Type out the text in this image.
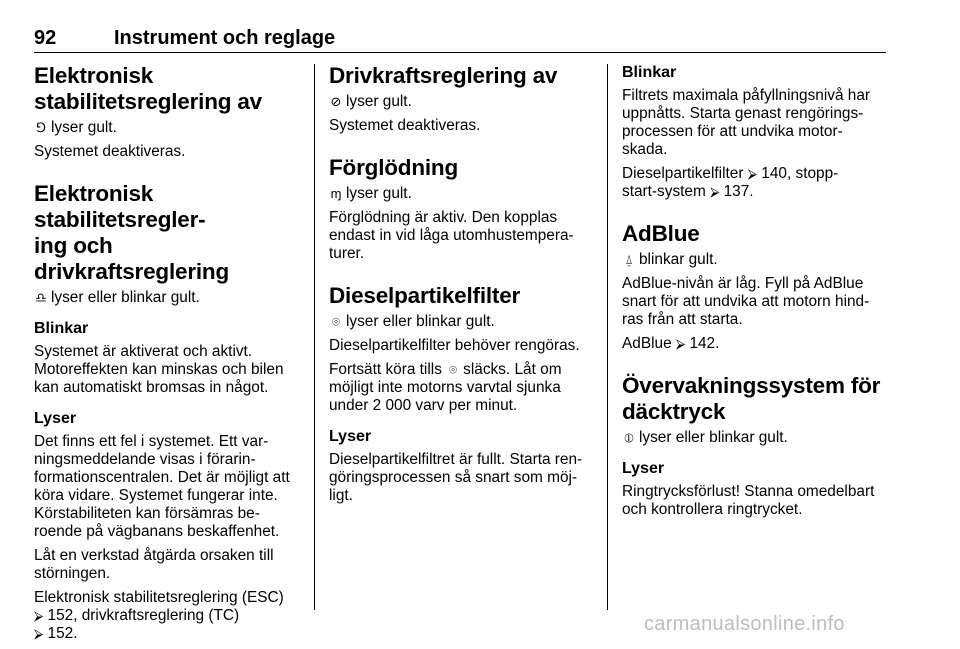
92	Instrument och reglage
Elektronisk
stabilitetsreglering av

⅁ lyser gult.

Systemet deaktiveras.

Elektronisk stabilitetsregler-
ing och drivkraftsreglering

♎ lyser eller blinkar gult.

Blinkar

Systemet är aktiverat och aktivt.
Motoreffekten kan minskas och bilen
kan automatiskt bromsas in något.

Lyser

Det finns ett fel i systemet. Ett var-
ningsmeddelande visas i förarin-
formationscentralen. Det är möjligt att
köra vidare. Systemet fungerar inte.
Körstabiliteten kan försämras be-
roende på vägbanans beskaffenhet.

Låt en verkstad åtgärda orsaken till
störningen.

Elektronisk stabilitetsreglering (ESC)
⮚ 152, drivkraftsreglering (TC)
⮚ 152.

Drivkraftsreglering av

⊘ lyser gult.

Systemet deaktiveras.

Förglödning

ɱ lyser gult.

Förglödning är aktiv. Den kopplas
endast in vid låga utomhustempera-
turer.

Dieselpartikelfilter

⌾ lyser eller blinkar gult.

Dieselpartikelfilter behöver rengöras.

Fortsätt köra tills ⌾ släcks. Låt om
möjligt inte motorns varvtal sjunka
under 2 000 varv per minut.

Lyser

Dieselpartikelfiltret är fullt. Starta ren-
göringsprocessen så snart som möj-
ligt.

Blinkar

Filtrets maximala påfyllningsnivå har
uppnåtts. Starta genast rengörings-
processen för att undvika motor-
skada.

Dieselpartikelfilter ⮚ 140, stopp-
start-system ⮚ 137.

AdBlue

⍙ blinkar gult.

AdBlue-nivån är låg. Fyll på AdBlue
snart för att undvika att motorn hind-
ras från att starta.

AdBlue ⮚ 142.

Övervakningssystem för
däcktryck

⦶ lyser eller blinkar gult.

Lyser

Ringtrycksförlust! Stanna omedelbart
och kontrollera ringtrycket.

carmanualsonline.info
